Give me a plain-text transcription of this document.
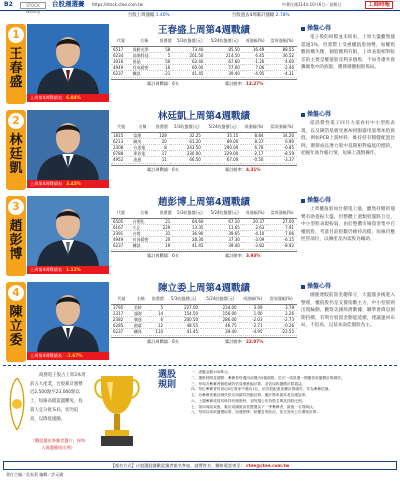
B2	STOCK Weekly
台股週選賽 https://stock.ctee.com.tw	中華民國114年10月6日／星期日	工商時報
台股上周漲幅 1.40%	台股過去4周累計漲幅 2.78%
1
王春盛
上周第4周戰績表：6.04%
王春盛上周第4週戰績
代號	名稱	推薦價	5/3收盤價(元)	5/24收盤價(元)	周漲幅(%)	當周漲幅(%)
6517	保勝光學	58	73.40	85.50	16.49	88.55
6234	高僑科技	5	201.50	214.50	6.45	36.52
3016	嘉晶	50	62.40	67.60	-1.26	4.60
4949	有成精密	16	60.00	57.00	7.06	-2.40
6237	驊訊	21	41.45	39.40	-4.95	-4.31
累計周戰績：6支	累計勝率：13.27%
操盤心得
電子股的回檔並未結束，上周大盤雖然漲超過1%，但實際上受惠權值股強勢，加權指數結構失衡，個股獲利有限，上周表現相對較差的主要是權值股及利多個股，不如考慮外資籌碼集中的族群，選擇績優個股佈局。
2
林廷凱
上周第4周戰績表：3.45%
林廷凱上周第4週戰績
代號	名稱	推薦價	5/3收盤價(元)	5/24收盤價(元)	周漲幅(%)	當周漲幅(%)
1815	富喬	128	32.25	35.15	8.84	34.20
6213	聯茂	10	61.20	89.00	8.37	6.90
2308	台達電	8	243.50	290.00	6.78	-0.85
6788	華景電	17	230.00	229.00	-2.17	-8.59
4952	凌通	11	66.50	67.00	-0.50	-3.37
累計周戰績：6支	累計勝率：4.31%
操盤心得
從消費性電子回升力道看好中小型股表現，以及銅箔基板受惠AI伺服器用量增加的族群，例如PCB上游材料，維持持有穩健配置比例，選擇成長潛力股中基期相對偏低的標的，把握年底作帳行情，短線上謹慎操作。
3
趙彭博
上周第4周戰績表：1.11%
趙彭博上周第4週戰績
代號	名稱	推薦價	5/3收盤價(元)	5/24收盤價(元)	周漲幅(%)	當周漲幅(%)
6505	台塑化	21	64.60	67.10	20.37	27.00
6167	久正	229	13.35	13.65	2.63	7.91
2391	台燈	31	36.90	39.65	-4.10	7.06
4949	有成精密	20	28.30	37.30	-3.09	-6.15
6237	驊訊	19	41.45	39.40	-3.82	-8.92
累計周戰績：6支	累計勝率：3.93%
操盤心得
上周權值股如台積電上漲，雖然持續的漲勢有助提振大盤，但整體上週類股漲跌互見，中小型股表現較弱，由於整體市場資金集中在權值股，考量目前指數仍維持高檔，短線仍應控管部位，以傳產及內需股為輔助。
4
陳立委
上周第4周戰績表：-1.67%
陳立委上周第4週戰績
代號	名稱	推薦價	5/3收盤價(元)	5/24收盤價(元)	周漲幅(%)	當周漲幅(%)
1795	美時	5	227.00	234.00	3.09	3.78
2317	鴻海	14	154.50	156.00	1.00	2.26
2382	廣達	6	200.50	286.00	-2.03	-2.73
6285	啟碁	12	48.55	46.75	-2.71	-0.26
6237	驊訊	110	41.45	39.40	-4.95	-22.55
累計周戰績：6支	累計勝率：22.07%
操盤心得
國慶連假前資金趨保守，大盤漲多後進入整理，權值股仍是支撐指數主力，中小型股則出現輪動。觀察美國經濟數據，聯準會降息預期持續，有利台股資金動能延續，建議逢回布局，不追高，以基本面佳個股為主。
商務電子股占上周3本周前五大產業，台股累計漲勢近2,500點至23,000點以上，短線高檔震盪難免，投資人宜分批布局，切勿追高，以降低風險。
《觀股選出參賽者選片，採每人挑選權值比例》
選股
規則
一、虛擬金額100萬元。
二、選股時間及期間：參賽者每週四前選出5檔個股，於次一周星期一開盤依收盤價計算績效。
三、每周各參賽者個股績效依周漲跌幅計算，並依周收盤價計算損益。
四、每位參賽者每周由5位專家中選出1位，依各股配重加權計算績效，作為參賽依據。
五、各參賽者累計績效依各周績效滾動計算，累計勝率最高者為週冠軍。
六、上週參賽成員同時持有個股時，須每週公布持股名單及持股比例。
七、第四周結束後，累計成績最高者獲選為下一季參賽者，最後一名則淘汰。
八、每周以周收盤價結算，如遇停牌、除權息等狀況，依交易所公告價格計算。
【報名方式】台股選股賽歡迎讀者報名參加，請將姓名、聯絡電話寄至： ctee@ctee.com.tw
責任主編／吳家莉 編輯／許元嬌
